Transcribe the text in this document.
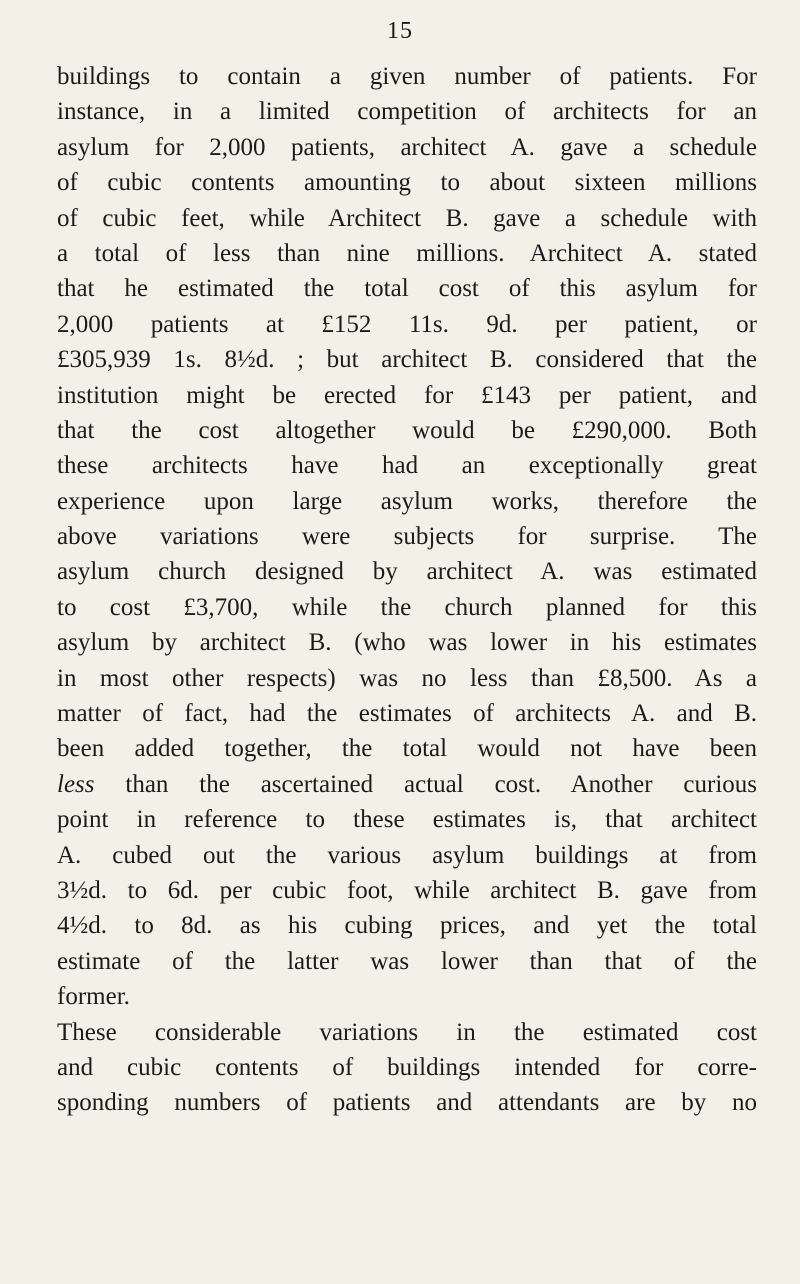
15
buildings to contain a given number of patients. For
instance, in a limited competition of architects for an
asylum for 2,000 patients, architect A. gave a schedule
of cubic contents amounting to about sixteen millions
of cubic feet, while Architect B. gave a schedule with
a total of less than nine millions. Architect A. stated
that he estimated the total cost of this asylum for
2,000 patients at £152 11s. 9d. per patient, or
£305,939 1s. 8½d. ; but architect B. considered that the
institution might be erected for £143 per patient, and
that the cost altogether would be £290,000. Both
these architects have had an exceptionally great
experience upon large asylum works, therefore the
above variations were subjects for surprise. The
asylum church designed by architect A. was estimated
to cost £3,700, while the church planned for this
asylum by architect B. (who was lower in his estimates
in most other respects) was no less than £8,500. As a
matter of fact, had the estimates of architects A. and B.
been added together, the total would not have been
less than the ascertained actual cost. Another curious
point in reference to these estimates is, that architect
A. cubed out the various asylum buildings at from
3½d. to 6d. per cubic foot, while architect B. gave from
4½d. to 8d. as his cubing prices, and yet the total
estimate of the latter was lower than that of the
former.
These considerable variations in the estimated cost
and cubic contents of buildings intended for corre-
sponding numbers of patients and attendants are by no
